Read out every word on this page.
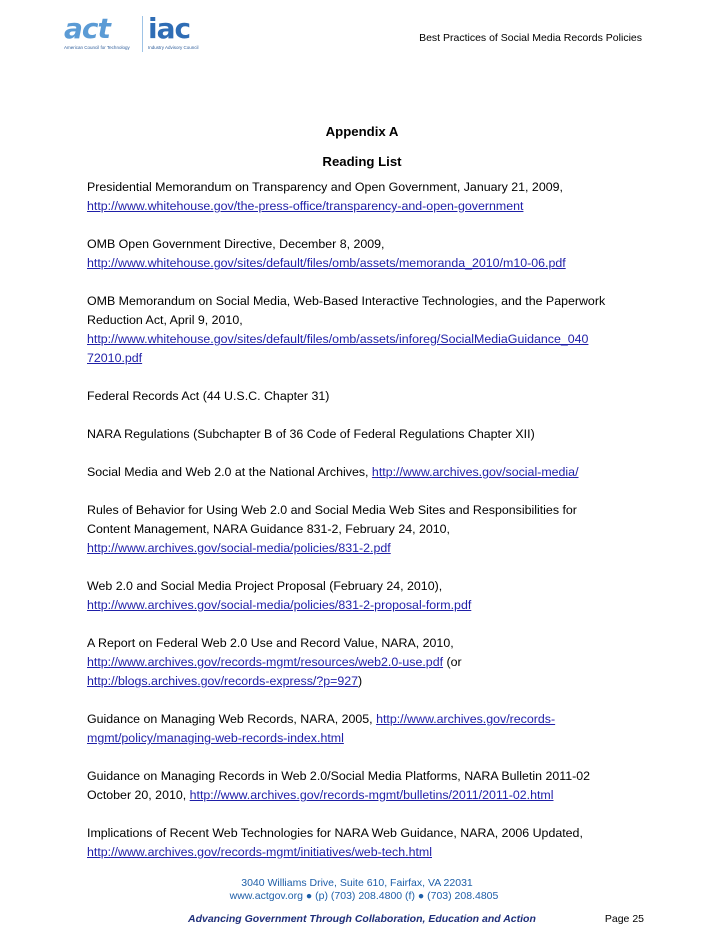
act
American Council for Technology
iac
Industry Advisory Council
Best Practices of Social Media Records Policies
Appendix A
Reading List
Presidential Memorandum on Transparency and Open Government, January 21, 2009,
http://www.whitehouse.gov/the-press-office/transparency-and-open-government
OMB Open Government Directive, December 8, 2009,
http://www.whitehouse.gov/sites/default/files/omb/assets/memoranda_2010/m10-06.pdf
OMB Memorandum on Social Media, Web-Based Interactive Technologies, and the Paperwork
Reduction Act, April 9, 2010,
http://www.whitehouse.gov/sites/default/files/omb/assets/inforeg/SocialMediaGuidance_040
72010.pdf
Federal Records Act (44 U.S.C. Chapter 31)
NARA Regulations (Subchapter B of 36 Code of Federal Regulations Chapter XII)
Social Media and Web 2.0 at the National Archives, http://www.archives.gov/social-media/
Rules of Behavior for Using Web 2.0 and Social Media Web Sites and Responsibilities for
Content Management, NARA Guidance 831-2, February 24, 2010,
http://www.archives.gov/social-media/policies/831-2.pdf
Web 2.0 and Social Media Project Proposal (February 24, 2010),
http://www.archives.gov/social-media/policies/831-2-proposal-form.pdf
A Report on Federal Web 2.0 Use and Record Value, NARA, 2010,
http://www.archives.gov/records-mgmt/resources/web2.0-use.pdf (or
http://blogs.archives.gov/records-express/?p=927)
Guidance on Managing Web Records, NARA, 2005, http://www.archives.gov/records-
mgmt/policy/managing-web-records-index.html
Guidance on Managing Records in Web 2.0/Social Media Platforms, NARA Bulletin 2011-02
October 20, 2010, http://www.archives.gov/records-mgmt/bulletins/2011/2011-02.html
Implications of Recent Web Technologies for NARA Web Guidance, NARA, 2006 Updated,
http://www.archives.gov/records-mgmt/initiatives/web-tech.html
3040 Williams Drive, Suite 610, Fairfax, VA 22031
www.actgov.org ● (p) (703) 208.4800 (f) ● (703) 208.4805
Advancing Government Through Collaboration, Education and Action	Page 25
